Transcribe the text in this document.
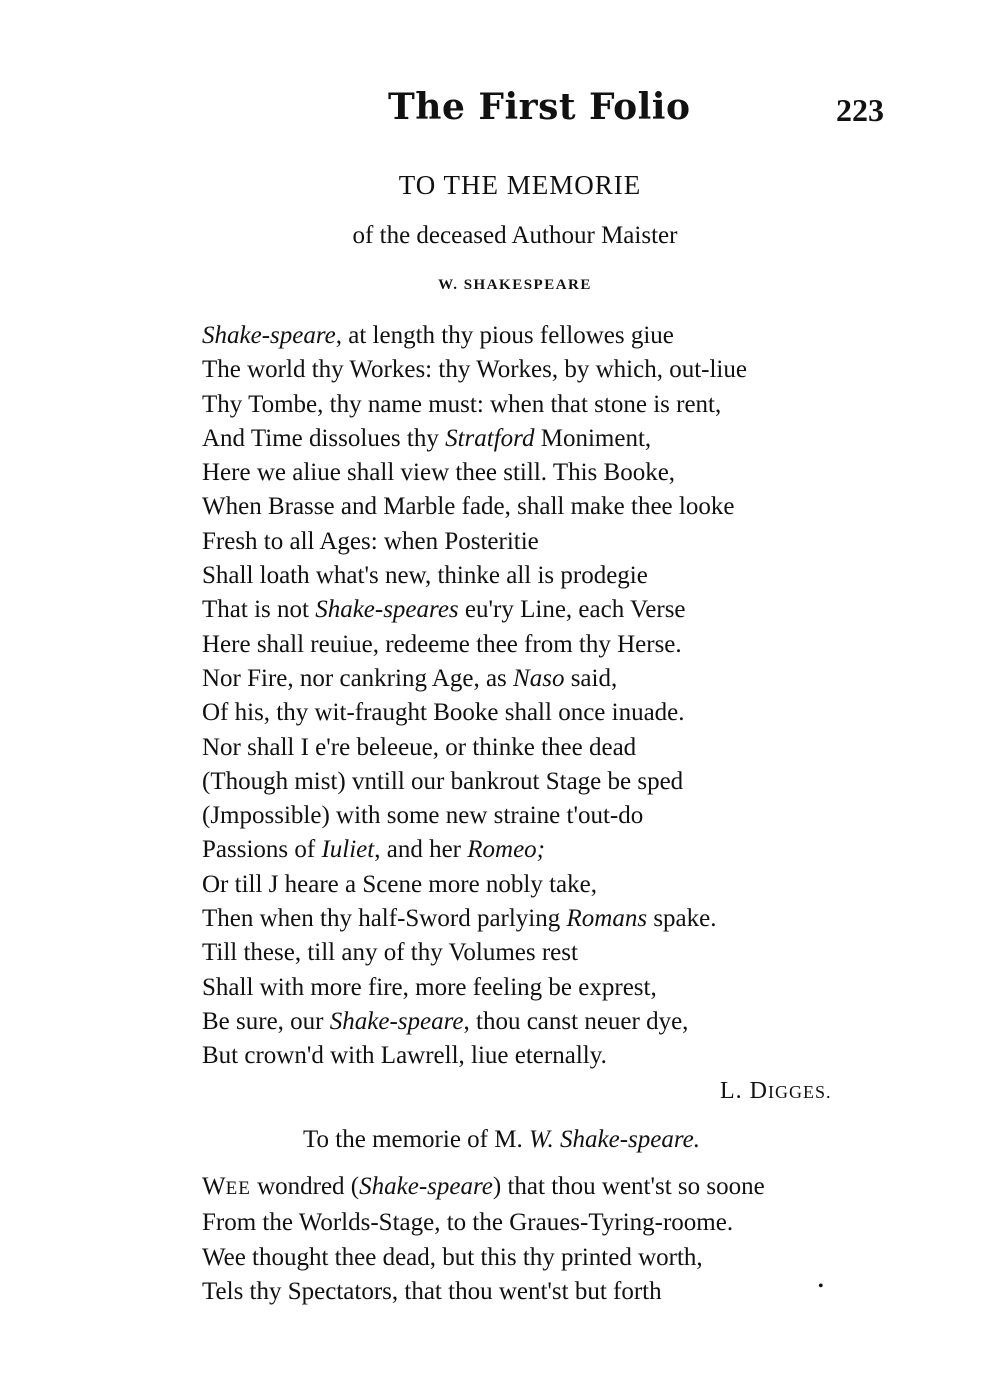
The First Folio	223
TO THE MEMORIE
of the deceased Authour Maister
W. SHAKESPEARE
Shake-speare, at length thy pious fellowes giue
The world thy Workes: thy Workes, by which, out-liue
Thy Tombe, thy name must: when that stone is rent,
And Time dissolues thy Stratford Moniment,
Here we aliue shall view thee still. This Booke,
When Brasse and Marble fade, shall make thee looke
Fresh to all Ages: when Posteritie
Shall loath what's new, thinke all is prodegie
That is not Shake-speares eu'ry Line, each Verse
Here shall reuiue, redeeme thee from thy Herse.
Nor Fire, nor cankring Age, as Naso said,
Of his, thy wit-fraught Booke shall once inuade.
Nor shall I e're beleeue, or thinke thee dead
(Though mist) vntill our bankrout Stage be sped
(Jmpossible) with some new straine t'out-do
Passions of Iuliet, and her Romeo;
Or till J heare a Scene more nobly take,
Then when thy half-Sword parlying Romans spake.
Till these, till any of thy Volumes rest
Shall with more fire, more feeling be exprest,
Be sure, our Shake-speare, thou canst neuer dye,
But crown'd with Lawrell, liue eternally.
L. DIGGES.
To the memorie of M. W. Shake-speare.
WEE wondred (Shake-speare) that thou went'st so soone
From the Worlds-Stage, to the Graues-Tyring-roome.
Wee thought thee dead, but this thy printed worth,
Tels thy Spectators, that thou went'st but forth	•
